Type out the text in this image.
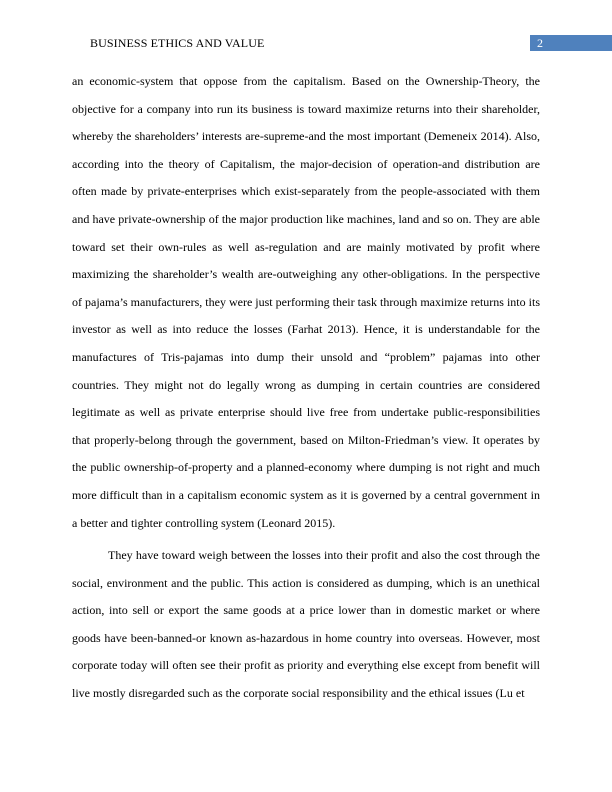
BUSINESS ETHICS AND VALUE	2

an economic-system that oppose from the capitalism. Based on the Ownership-Theory, the objective for a company into run its business is toward maximize returns into their shareholder, whereby the shareholders’ interests are-supreme-and the most important (Demeneix 2014). Also, according into the theory of Capitalism, the major-decision of operation-and distribution are often made by private-enterprises which exist-separately from the people-associated with them and have private-ownership of the major production like machines, land and so on. They are able toward set their own-rules as well as-regulation and are mainly motivated by profit where maximizing the shareholder’s wealth are-outweighing any other-obligations. In the perspective of pajama’s manufacturers, they were just performing their task through maximize returns into its investor as well as into reduce the losses (Farhat 2013). Hence, it is understandable for the manufactures of Tris-pajamas into dump their unsold and “problem” pajamas into other countries. They might not do legally wrong as dumping in certain countries are considered legitimate as well as private enterprise should live free from undertake public-responsibilities that properly-belong through the government, based on Milton-Friedman’s view. It operates by the public ownership-of-property and a planned-economy where dumping is not right and much more difficult than in a capitalism economic system as it is governed by a central government in a better and tighter controlling system (Leonard 2015).

They have toward weigh between the losses into their profit and also the cost through the social, environment and the public. This action is considered as dumping, which is an unethical action, into sell or export the same goods at a price lower than in domestic market or where goods have been-banned-or known as-hazardous in home country into overseas. However, most corporate today will often see their profit as priority and everything else except from benefit will live mostly disregarded such as the corporate social responsibility and the ethical issues (Lu et
